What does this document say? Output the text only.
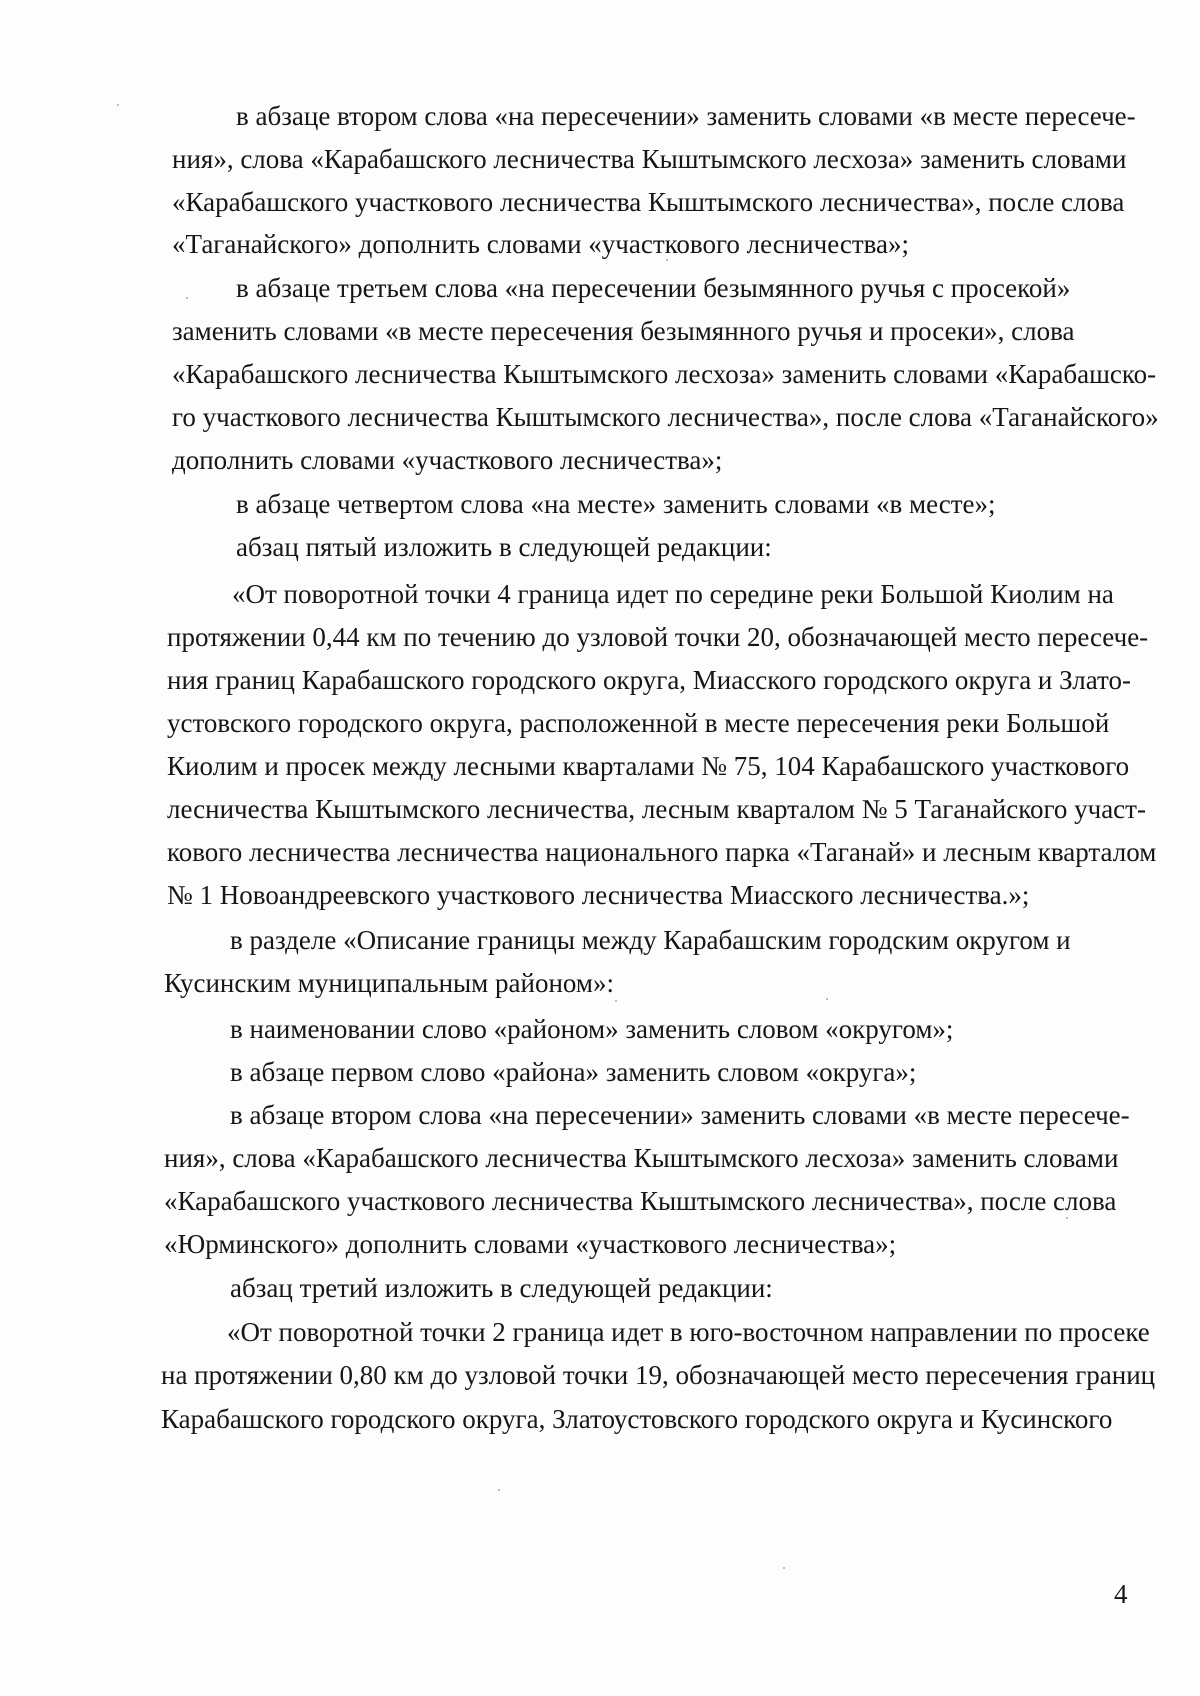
в абзаце втором слова «на пересечении» заменить словами «в месте пересече-

ния», слова «Карабашского лесничества Кыштымского лесхоза» заменить словами

«Карабашского участкового лесничества Кыштымского лесничества», после слова

«Таганайского» дополнить словами «участкового лесничества»;

в абзаце третьем слова «на пересечении безымянного ручья с просекой»

заменить словами «в месте пересечения безымянного ручья и просеки», слова

«Карабашского лесничества Кыштымского лесхоза» заменить словами «Карабашско-

го участкового лесничества Кыштымского лесничества», после слова «Таганайского»

дополнить словами «участкового лесничества»;

в абзаце четвертом слова «на месте» заменить словами «в месте»;

абзац пятый изложить в следующей редакции:

«От поворотной точки 4 граница идет по середине реки Большой Киолим на

протяжении 0,44 км по течению до узловой точки 20, обозначающей место пересече-

ния границ Карабашского городского округа, Миасского городского округа и Злато-

устовского городского округа, расположенной в месте пересечения реки Большой

Киолим и просек между лесными кварталами № 75, 104 Карабашского участкового

лесничества Кыштымского лесничества, лесным кварталом № 5 Таганайского участ-

кового лесничества лесничества национального парка «Таганай» и лесным кварталом

№ 1 Новоандреевского участкового лесничества Миасского лесничества.»;

в разделе «Описание границы между Карабашским городским округом и

Кусинским муниципальным районом»:

в наименовании слово «районом» заменить словом «округом»;

в абзаце первом слово «района» заменить словом «округа»;

в абзаце втором слова «на пересечении» заменить словами «в месте пересече-

ния», слова «Карабашского лесничества Кыштымского лесхоза» заменить словами

«Карабашского участкового лесничества Кыштымского лесничества», после слова

«Юрминского» дополнить словами «участкового лесничества»;

абзац третий изложить в следующей редакции:

«От поворотной точки 2 граница идет в юго-восточном направлении по просеке

на протяжении 0,80 км до узловой точки 19, обозначающей место пересечения границ

Карабашского городского округа, Златоустовского городского округа и Кусинского

4
